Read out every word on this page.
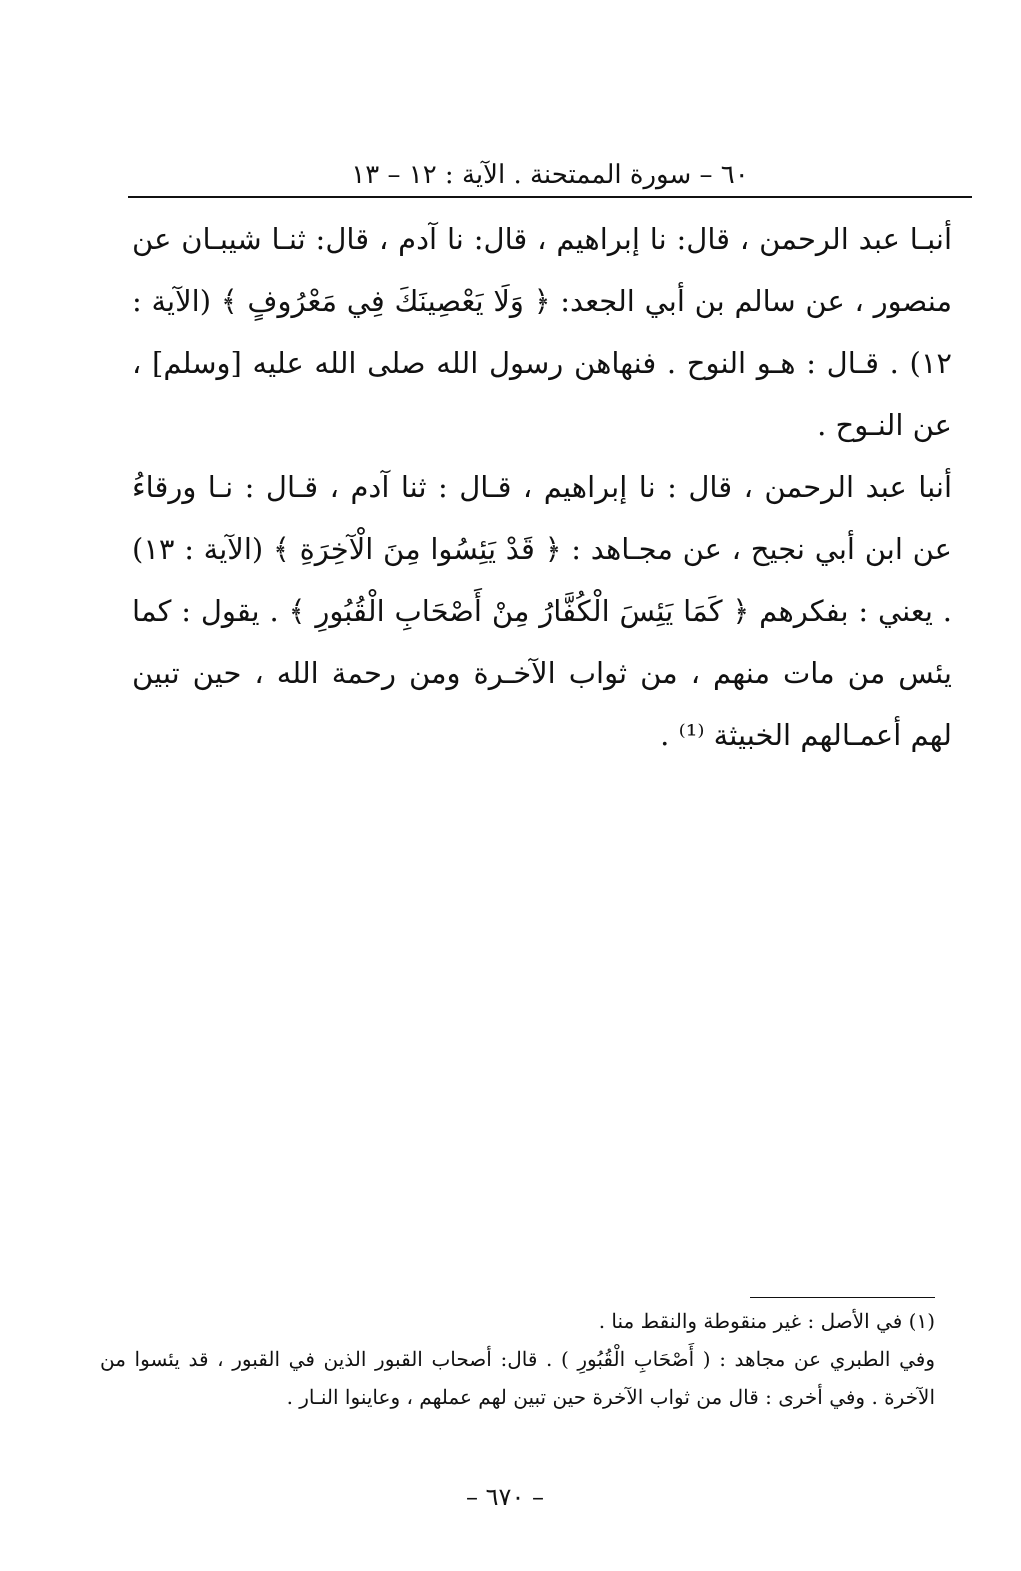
٦٠ – سورة الممتحنة . الآية : ١٢ – ١٣

أنبـا عبد الرحمن ، قال: نا إبراهيم ، قال: نا آدم ، قال: ثنـا شيبـان عن منصور ، عن سالم بن أبي الجعد: ﴿ وَلَا يَعْصِينَكَ فِي مَعْرُوفٍ ﴾ (الآية : ١٢) . قـال : هـو النوح . فنهاهن رسول الله صلى الله عليه [وسلم] ، عن النـوح .

أنبا عبد الرحمن ، قال : نا إبراهيم ، قـال : ثنا آدم ، قـال : نـا ورقاءُ عن ابن أبي نجيح ، عن مجـاهد : ﴿ قَدْ يَئِسُوا مِنَ الْآخِرَةِ ﴾ (الآية : ١٣) . يعني : بفكرهم ﴿ كَمَا يَئِسَ الْكُفَّارُ مِنْ أَصْحَابِ الْقُبُورِ ﴾ . يقول : كما يئس من مات منهم ، من ثواب الآخـرة ومن رحمة الله ، حين تبين لهم أعمـالهم الخبيثة ⁽¹⁾ .

(١) في الأصل : غير منقوطة والنقط منا .

وفي الطبري عن مجاهد : ( أَصْحَابِ الْقُبُورِ ) . قال: أصحاب القبور الذين في القبور ، قد يئسوا من الآخرة . وفي أخرى : قال من ثواب الآخرة حين تبين لهم عملهم ، وعاينوا النـار .

– ٦٧٠ –
